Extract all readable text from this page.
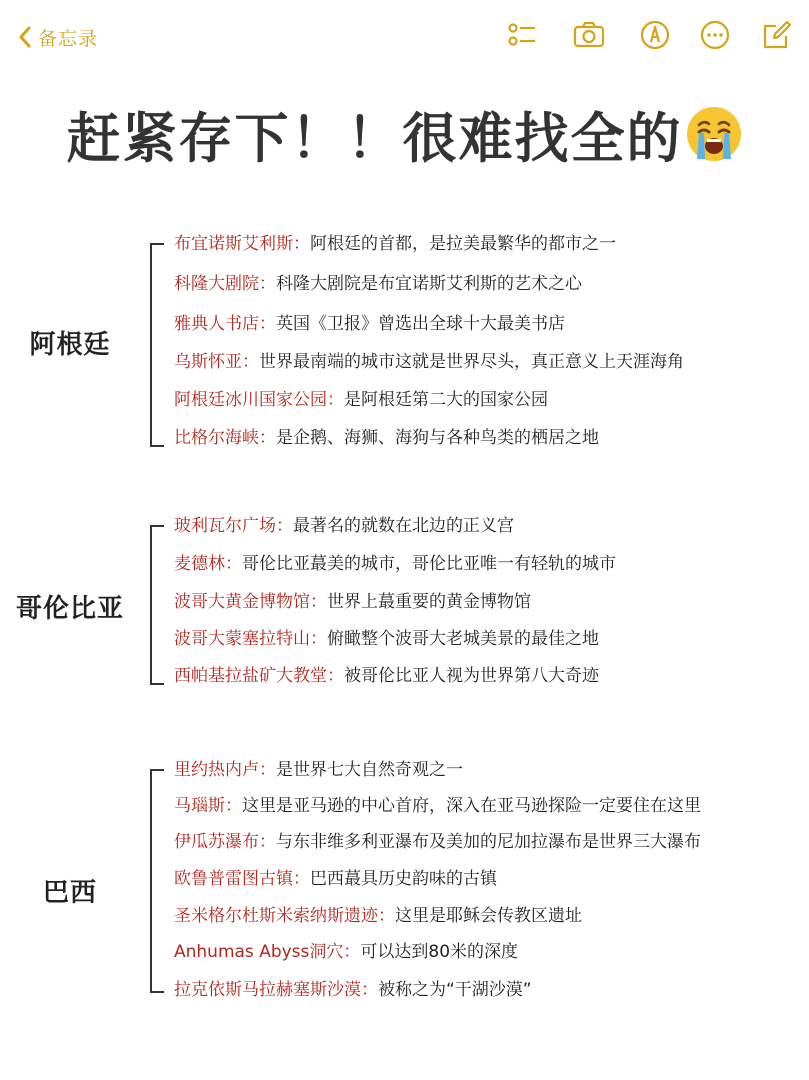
备忘录
赶紧存下！！很难找全的
阿根廷
布宜诺斯艾利斯：阿根廷的首都，是拉美最繁华的都市之一
科隆大剧院：科隆大剧院是布宜诺斯艾利斯的艺术之心
雅典人书店：英国《卫报》曾选出全球十大最美书店
乌斯怀亚：世界最南端的城市这就是世界尽头，真正意义上天涯海角
阿根廷冰川国家公园：是阿根廷第二大的国家公园
比格尔海峡：是企鹅、海狮、海狗与各种鸟类的栖居之地
哥伦比亚
玻利瓦尔广场：最著名的就数在北边的正义宫
麦德林：哥伦比亚蕞美的城市，哥伦比亚唯一有轻轨的城市
波哥大黄金博物馆：世界上蕞重要的黄金博物馆
波哥大蒙塞拉特山：俯瞰整个波哥大老城美景的最佳之地
西帕基拉盐矿大教堂：被哥伦比亚人视为世界第八大奇迹
巴西
里约热内卢：是世界七大自然奇观之一
马瑙斯：这里是亚马逊的中心首府，深入在亚马逊探险一定要住在这里
伊瓜苏瀑布：与东非维多利亚瀑布及美加的尼加拉瀑布是世界三大瀑布
欧鲁普雷图古镇：巴西蕞具历史韵味的古镇
圣米格尔杜斯米索纳斯遗迹：这里是耶稣会传教区遗址
Anhumas Abyss洞穴：可以达到80米的深度
拉克依斯马拉赫塞斯沙漠：被称之为“干湖沙漠”
